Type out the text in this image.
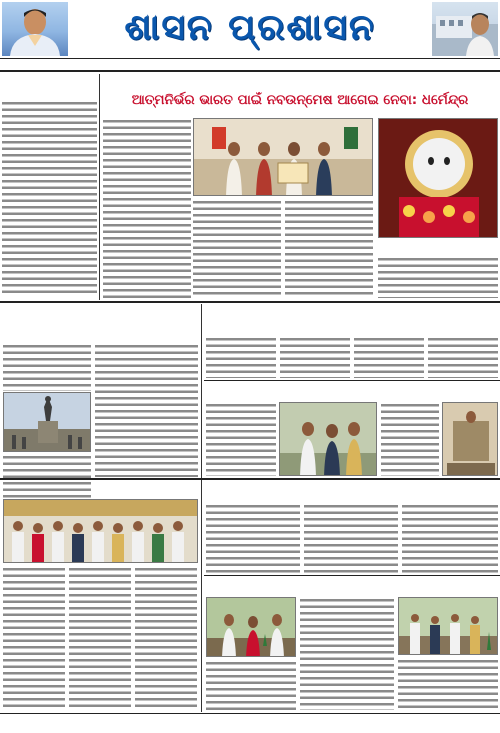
ଶାସନ ପ୍ରଶାସନ
ଆତ୍ମନିର୍ଭର ଭାରତ ପାଇଁ ନବଉନ୍ମେଷ ଆଗେଇ ନେବା: ଧର୍ମେନ୍ଦ୍ର
